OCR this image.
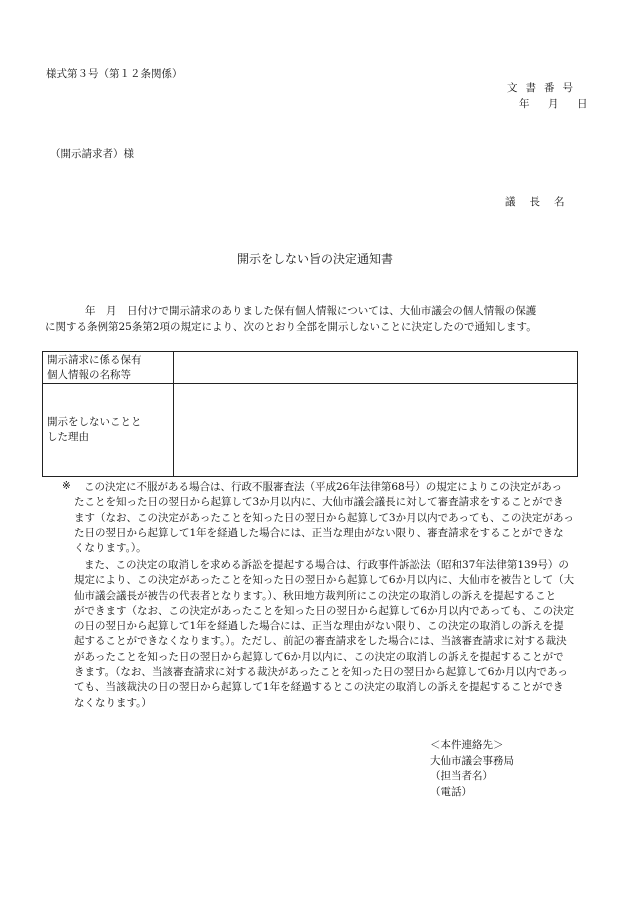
様式第３号（第１２条関係）
文書番号
年　月　日
（開示請求者）様
議長名
開示をしない旨の決定通知書
年　月　日付けで開示請求のありました保有個人情報については、大仙市議会の個人情報の保護
に関する条例第25条第2項の規定により、次のとおり全部を開示しないことに決定したので通知します。
開示請求に係る保有
個人情報の名称等	

開示をしないことと
した理由	

※	この決定に不服がある場合は、行政不服審査法（平成26年法律第68号）の規定によりこの決定があっ
たことを知った日の翌日から起算して3か月以内に、大仙市議会議長に対して審査請求をすることができ
ます（なお、この決定があったことを知った日の翌日から起算して3か月以内であっても、この決定があっ
た日の翌日から起算して1年を経過した場合には、正当な理由がない限り、審査請求をすることができな
くなります。）。
また、この決定の取消しを求める訴訟を提起する場合は、行政事件訴訟法（昭和37年法律第139号）の
規定により、この決定があったことを知った日の翌日から起算して6か月以内に、大仙市を被告として（大
仙市議会議長が被告の代表者となります。）、秋田地方裁判所にこの決定の取消しの訴えを提起すること
ができます（なお、この決定があったことを知った日の翌日から起算して6か月以内であっても、この決定
の日の翌日から起算して1年を経過した場合には、正当な理由がない限り、この決定の取消しの訴えを提
起することができなくなります。）。ただし、前記の審査請求をした場合には、当該審査請求に対する裁決
があったことを知った日の翌日から起算して6か月以内に、この決定の取消しの訴えを提起することがで
きます。（なお、当該審査請求に対する裁決があったことを知った日の翌日から起算して6か月以内であっ
ても、当該裁決の日の翌日から起算して1年を経過するとこの決定の取消しの訴えを提起することができ
なくなります。）
＜本件連絡先＞
大仙市議会事務局
（担当者名）
（電話）
